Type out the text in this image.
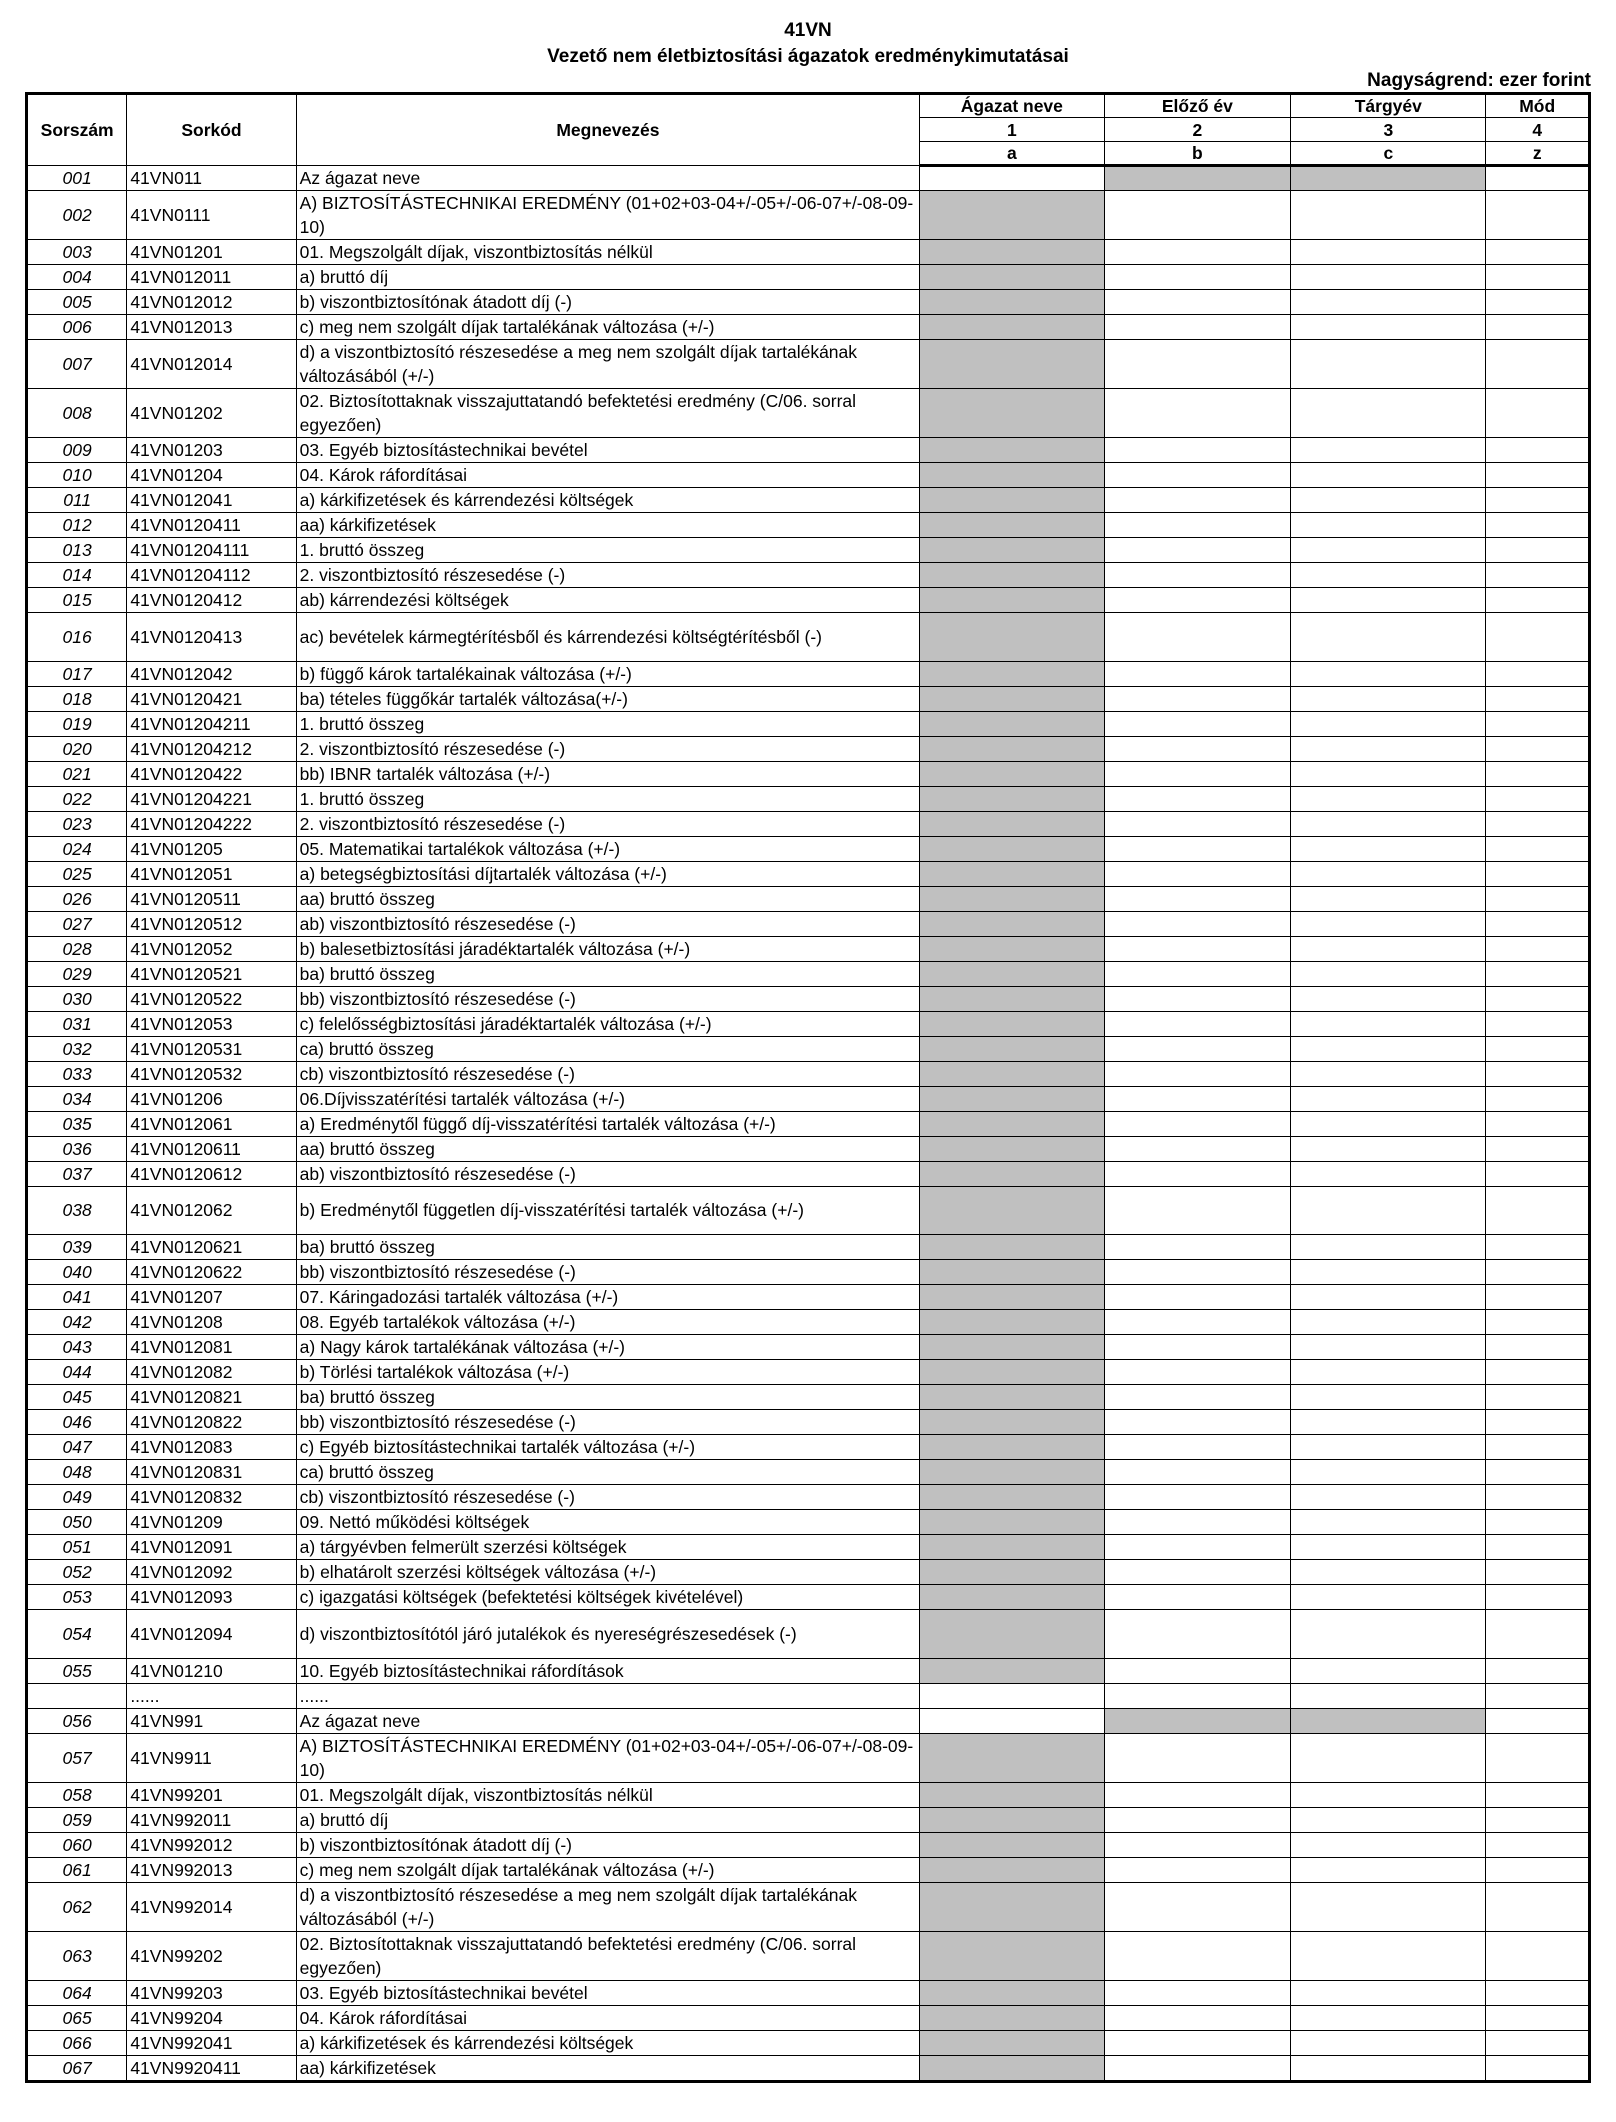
41VN
Vezető nem életbiztosítási ágazatok eredménykimutatásai
Nagyságrend: ezer forint
Sorszám	Sorkód	Megnevezés	Ágazat neve	Előző év	Tárgyév	Mód
			1	2	3	4
			a	b	c	z
001	41VN011	Az ágazat neve				
002	41VN0111	A) BIZTOSÍTÁSTECHNIKAI EREDMÉNY (01+02+03-04+/-05+/-06-07+/-08-09-10)				
003	41VN01201	01. Megszolgált díjak, viszontbiztosítás nélkül				
004	41VN012011	a) bruttó díj				
005	41VN012012	b) viszontbiztosítónak átadott díj (-)				
006	41VN012013	c) meg nem szolgált díjak tartalékának változása (+/-)				
007	41VN012014	d) a viszontbiztosító részesedése a meg nem szolgált díjak tartalékának változásából (+/-)				
008	41VN01202	02. Biztosítottaknak visszajuttatandó befektetési eredmény (C/06. sorral egyezően)				
009	41VN01203	03. Egyéb biztosítástechnikai bevétel				
010	41VN01204	04. Károk ráfordításai				
011	41VN012041	a) kárkifizetések és kárrendezési költségek				
012	41VN0120411	aa) kárkifizetések				
013	41VN01204111	1. bruttó összeg				
014	41VN01204112	2. viszontbiztosító részesedése (-)				
015	41VN0120412	ab) kárrendezési költségek				
016	41VN0120413	ac) bevételek kármegtérítésből és kárrendezési költségtérítésből (-)				
017	41VN012042	b) függő károk tartalékainak változása (+/-)				
018	41VN0120421	ba) tételes függőkár tartalék változása(+/-)				
019	41VN01204211	1. bruttó összeg				
020	41VN01204212	2. viszontbiztosító részesedése (-)				
021	41VN0120422	bb) IBNR tartalék változása (+/-)				
022	41VN01204221	1. bruttó összeg				
023	41VN01204222	2. viszontbiztosító részesedése (-)				
024	41VN01205	05. Matematikai tartalékok változása (+/-)				
025	41VN012051	a) betegségbiztosítási díjtartalék változása (+/-)				
026	41VN0120511	aa) bruttó összeg				
027	41VN0120512	ab) viszontbiztosító részesedése (-)				
028	41VN012052	b) balesetbiztosítási járadéktartalék változása (+/-)				
029	41VN0120521	ba) bruttó összeg				
030	41VN0120522	bb) viszontbiztosító részesedése (-)				
031	41VN012053	c) felelősségbiztosítási járadéktartalék változása (+/-)				
032	41VN0120531	ca) bruttó összeg				
033	41VN0120532	cb) viszontbiztosító részesedése (-)				
034	41VN01206	06.Díjvisszatérítési tartalék változása (+/-)				
035	41VN012061	a) Eredménytől függő díj-visszatérítési tartalék változása (+/-)				
036	41VN0120611	aa) bruttó összeg				
037	41VN0120612	ab) viszontbiztosító részesedése (-)				
038	41VN012062	b) Eredménytől független díj-visszatérítési tartalék változása (+/-)				
039	41VN0120621	ba) bruttó összeg				
040	41VN0120622	bb) viszontbiztosító részesedése (-)				
041	41VN01207	07. Káringadozási tartalék változása (+/-)				
042	41VN01208	08. Egyéb tartalékok változása (+/-)				
043	41VN012081	a) Nagy károk tartalékának változása (+/-)				
044	41VN012082	b) Törlési tartalékok változása (+/-)				
045	41VN0120821	ba) bruttó összeg				
046	41VN0120822	bb) viszontbiztosító részesedése (-)				
047	41VN012083	c) Egyéb biztosítástechnikai tartalék változása (+/-)				
048	41VN0120831	ca) bruttó összeg				
049	41VN0120832	cb) viszontbiztosító részesedése (-)				
050	41VN01209	09. Nettó működési költségek				
051	41VN012091	a) tárgyévben felmerült szerzési költségek				
052	41VN012092	b) elhatárolt szerzési költségek változása (+/-)				
053	41VN012093	c) igazgatási költségek (befektetési költségek kivételével)				
054	41VN012094	d) viszontbiztosítótól járó jutalékok és nyereségrészesedések (-)				
055	41VN01210	10. Egyéb biztosítástechnikai ráfordítások				
	......	......				
056	41VN991	Az ágazat neve				
057	41VN9911	A) BIZTOSÍTÁSTECHNIKAI EREDMÉNY (01+02+03-04+/-05+/-06-07+/-08-09-10)				
058	41VN99201	01. Megszolgált díjak, viszontbiztosítás nélkül				
059	41VN992011	a) bruttó díj				
060	41VN992012	b) viszontbiztosítónak átadott díj (-)				
061	41VN992013	c) meg nem szolgált díjak tartalékának változása (+/-)				
062	41VN992014	d) a viszontbiztosító részesedése a meg nem szolgált díjak tartalékának változásából (+/-)				
063	41VN99202	02. Biztosítottaknak visszajuttatandó befektetési eredmény (C/06. sorral egyezően)				
064	41VN99203	03. Egyéb biztosítástechnikai bevétel				
065	41VN99204	04. Károk ráfordításai				
066	41VN992041	a) kárkifizetések és kárrendezési költségek				
067	41VN9920411	aa) kárkifizetések				
